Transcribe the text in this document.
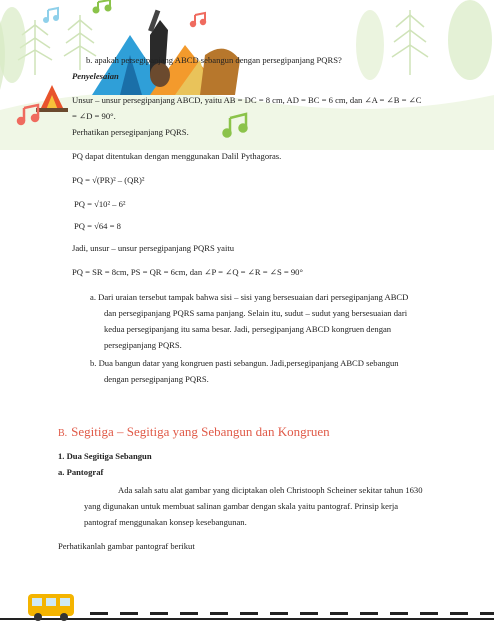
b. apakah persegipanjang ABCD sebangun dengan persegipanjang PQRS?
Penyelesaian
Unsur – unsur persegipanjang ABCD, yaitu AB = DC = 8 cm, AD = BC = 6 cm, dan ∠A = ∠B = ∠C
= ∠D = 90°.
Perhatikan persegipanjang PQRS.
PQ dapat ditentukan dengan menggunakan Dalil Pythagoras.
PQ = √(PR)² – (QR)²
PQ = √10² – 6²
PQ = √64 = 8
Jadi, unsur – unsur persegipanjang PQRS yaitu
PQ = SR = 8cm, PS = QR = 6cm, dan ∠P = ∠Q = ∠R = ∠S = 90°
a. Dari uraian tersebut tampak bahwa sisi – sisi yang bersesuaian dari persegipanjang ABCD
dan persegipanjang PQRS sama panjang. Selain itu, sudut – sudut yang bersesuaian dari
kedua persegipanjang itu sama besar. Jadi, persegipanjang ABCD kongruen dengan
persegipanjang PQRS.
b. Dua bangun datar yang kongruen pasti sebangun. Jadi,persegipanjang ABCD sebangun
dengan persegipanjang PQRS.
B. Segitiga – Segitiga yang Sebangun dan Kongruen
1. Dua Segitiga Sebangun
a. Pantograf
Ada salah satu alat gambar yang diciptakan oleh Christooph Scheiner sekitar tahun 1630
yang digunakan untuk membuat salinan gambar dengan skala yaitu pantograf. Prinsip kerja
pantograf menggunakan konsep kesebangunan.
Perhatikanlah gambar pantograf berikut
